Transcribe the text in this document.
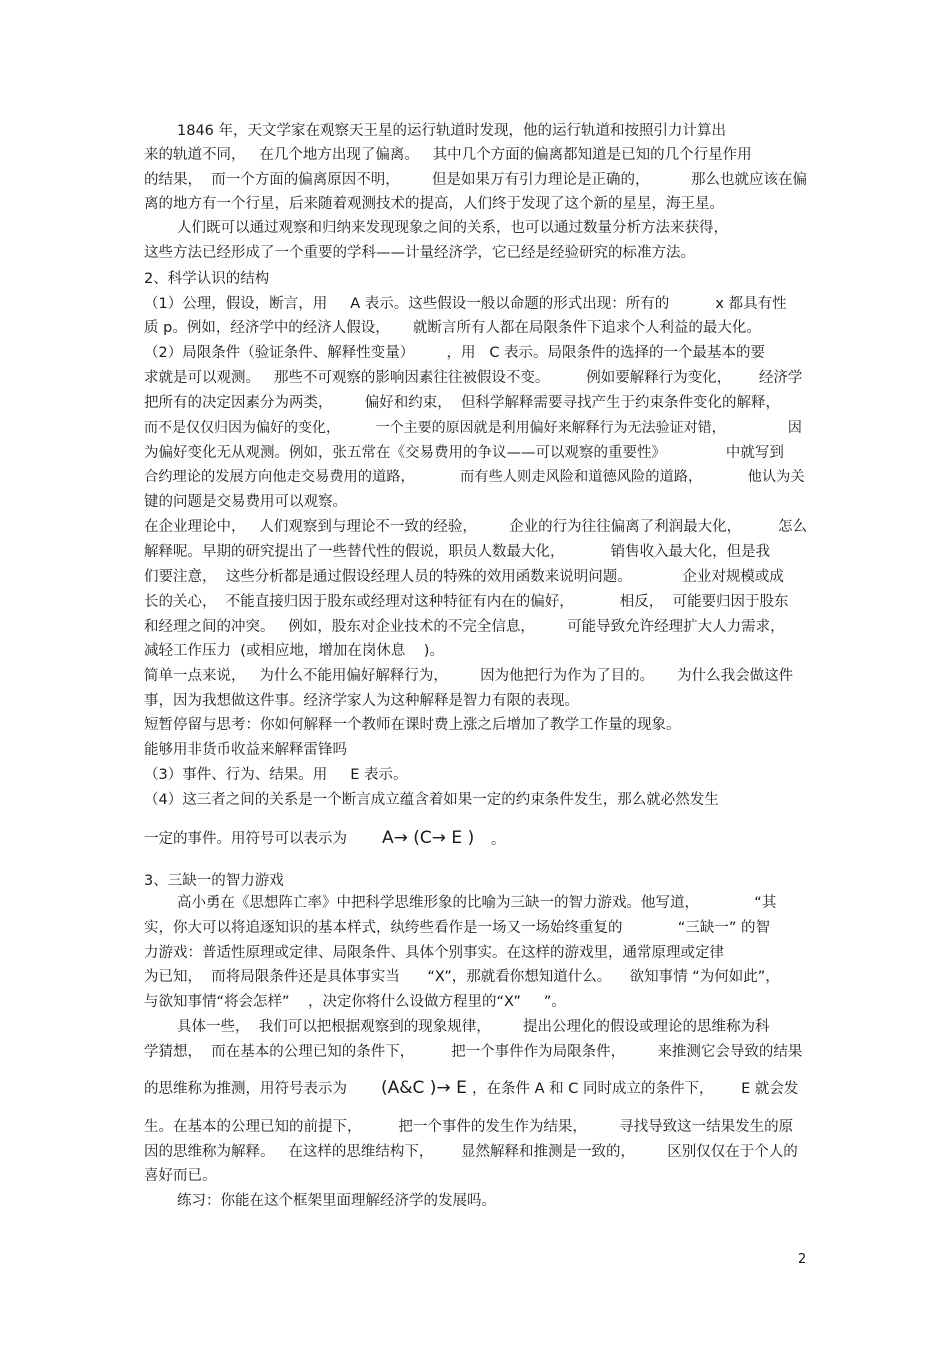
1846 年，天文学家在观察天王星的运行轨道时发现，他的运行轨道和按照引力计算出
来的轨道不同，   在几个地方出现了偏离。   其中几个方面的偏离都知道是已知的几个行星作用
的结果，  而一个方面的偏离原因不明，       但是如果万有引力理论是正确的，         那么也就应该在偏
离的地方有一个行星，后来随着观测技术的提高，人们终于发现了这个新的星星，海王星。
人们既可以通过观察和归纳来发现现象之间的关系，也可以通过数量分析方法来获得，
这些方法已经形成了一个重要的学科——计量经济学，它已经是经验研究的标准方法。
2、科学认识的结构
（1）公理，假设，断言，用     A 表示。这些假设一般以命题的形式出现：所有的          x 都具有性
质 p。例如，经济学中的经济人假设，     就断言所有人都在局限条件下追求个人利益的最大化。
（2）局限条件（验证条件、解释性变量）       ，用   C 表示。局限条件的选择的一个最基本的要
求就是可以观测。   那些不可观察的影响因素往往被假设不变。        例如要解释行为变化，      经济学
把所有的决定因素分为两类，       偏好和约束，  但科学解释需要寻找产生于约束条件变化的解释，
而不是仅仅归因为偏好的变化，        一个主要的原因就是利用偏好来解释行为无法验证对错，              因
为偏好变化无从观测。例如，张五常在《交易费用的争议——可以观察的重要性》             中就写到
合约理论的发展方向他走交易费用的道路，          而有些人则走风险和道德风险的道路，          他认为关
键的问题是交易费用可以观察。
在企业理论中，   人们观察到与理论不一致的经验，       企业的行为往往偏离了利润最大化，        怎么
解释呢。早期的研究提出了一些替代性的假说，职员人数最大化，          销售收入最大化，但是我
们要注意，  这些分析都是通过假设经理人员的特殊的效用函数来说明问题。           企业对规模或成
长的关心，  不能直接归因于股东或经理对这种特征有内在的偏好，          相反，  可能要归因于股东
和经理之间的冲突。   例如，股东对企业技术的不完全信息，       可能导致允许经理扩大人力需求，
减轻工作压力  (或相应地，增加在岗休息    )。
简单一点来说，   为什么不能用偏好解释行为，       因为他把行为作为了目的。     为什么我会做这件
事，因为我想做这件事。经济学家人为这种解释是智力有限的表现。
短暂停留与思考：你如何解释一个教师在课时费上涨之后增加了教学工作量的现象。
能够用非货币收益来解释雷锋吗
（3）事件、行为、结果。用     E 表示。
（4）这三者之间的关系是一个断言成立蕴含着如果一定的约束条件发生，那么就必然发生
一定的事件。用符号可以表示为 A→ (C→ E ) 。
3、三缺一的智力游戏
高小勇在《思想阵亡率》中把科学思维形象的比喻为三缺一的智力游戏。他写道，            “其
实，你大可以将追逐知识的基本样式，纨绔些看作是一场又一场始终重复的            “三缺一” 的智
力游戏：普适性原理或定律、局限条件、具体个别事实。在这样的游戏里，通常原理或定律
为已知，  而将局限条件还是具体事实当      “X”，那就看你想知道什么。    欲知事情 “为何如此”，
与欲知事情“将会怎样”    ，决定你将什么设做方程里的“X”     ”。
具体一些，  我们可以把根据观察到的现象规律，       提出公理化的假设或理论的思维称为科
学猜想，  而在基本的公理已知的条件下，        把一个事件作为局限条件，       来推测它会导致的结果
的思维称为推测，用符号表示为 (A&C )→ E ，在条件 A 和 C 同时成立的条件下，      E 就会发
生。在基本的公理已知的前提下，        把一个事件的发生作为结果，       寻找导致这一结果发生的原
因的思维称为解释。   在这样的思维结构下，      显然解释和推测是一致的，       区别仅仅在于个人的
喜好而已。
练习：你能在这个框架里面理解经济学的发展吗。
2
